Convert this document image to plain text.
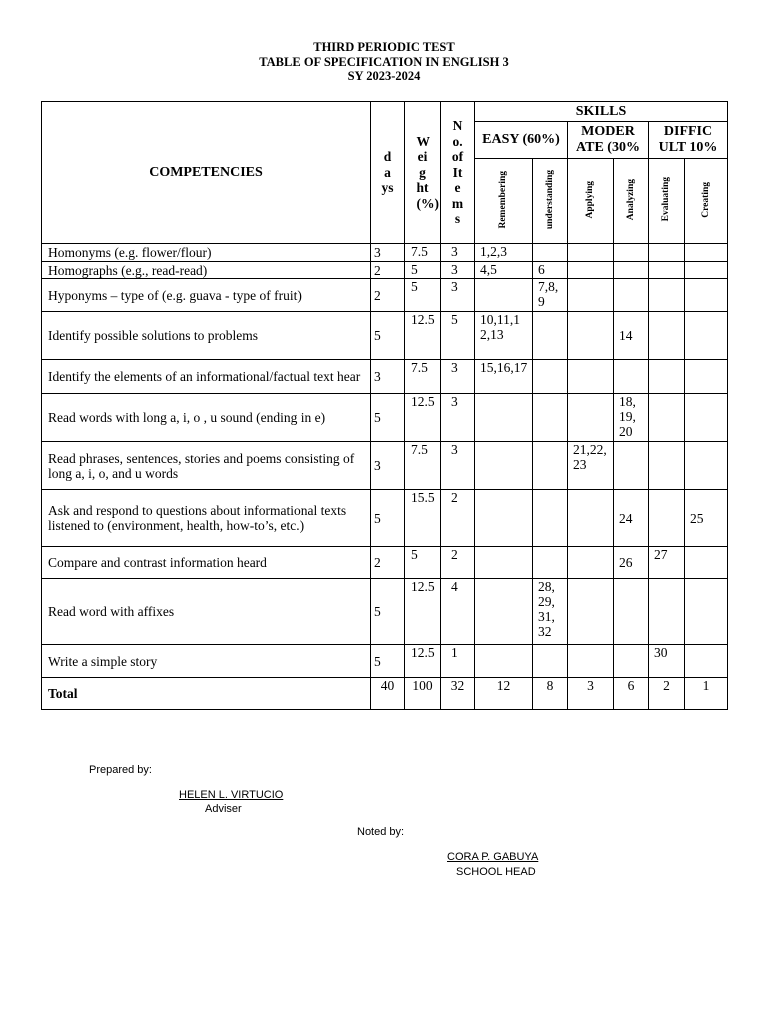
THIRD PERIODIC TEST
TABLE OF SPECIFICATION IN ENGLISH 3
SY 2023-2024
COMPETENCIES	days	Weight(%)	No.ofItems	SKILLS					
				EASY (60%)		MODER ATE (30%		DIFFIC ULT 10%	
				Remembering	understanding	Applying	Analyzing	Evaluating	Creating
Homonyms (e.g. flower/flour)	3	7.5	3	1,2,3					
Homographs (e.g., read-read)	2	5	3	4,5	6				
Hyponyms – type of (e.g. guava - type of fruit)	2	5	3		7,8,9				
Identify possible solutions to problems	5	12.5	5	10,11,12,13			14		
Identify the elements of an informational/factual text hear	3	7.5	3	15,16,17					
Read words with long a, i, o , u sound (ending in e)	5	12.5	3				18, 19, 20		
Read phrases, sentences, stories and poems consisting of long a, i, o, and u words	3	7.5	3			21,22,23			
Ask and respond to questions about informational texts listened to (environment, health, how-to’s, etc.)	5	15.5	2				24		25
Compare and contrast information heard	2	5	2				26	27	
Read word with affixes	5	12.5	4		28, 29, 31, 32				
Write a simple story	5	12.5	1					30	
Total	40	100	32	12	8	3	6	2	1
Prepared by:
HELEN L. VIRTUCIO
Adviser
Noted by:
CORA P. GABUYA
SCHOOL HEAD
